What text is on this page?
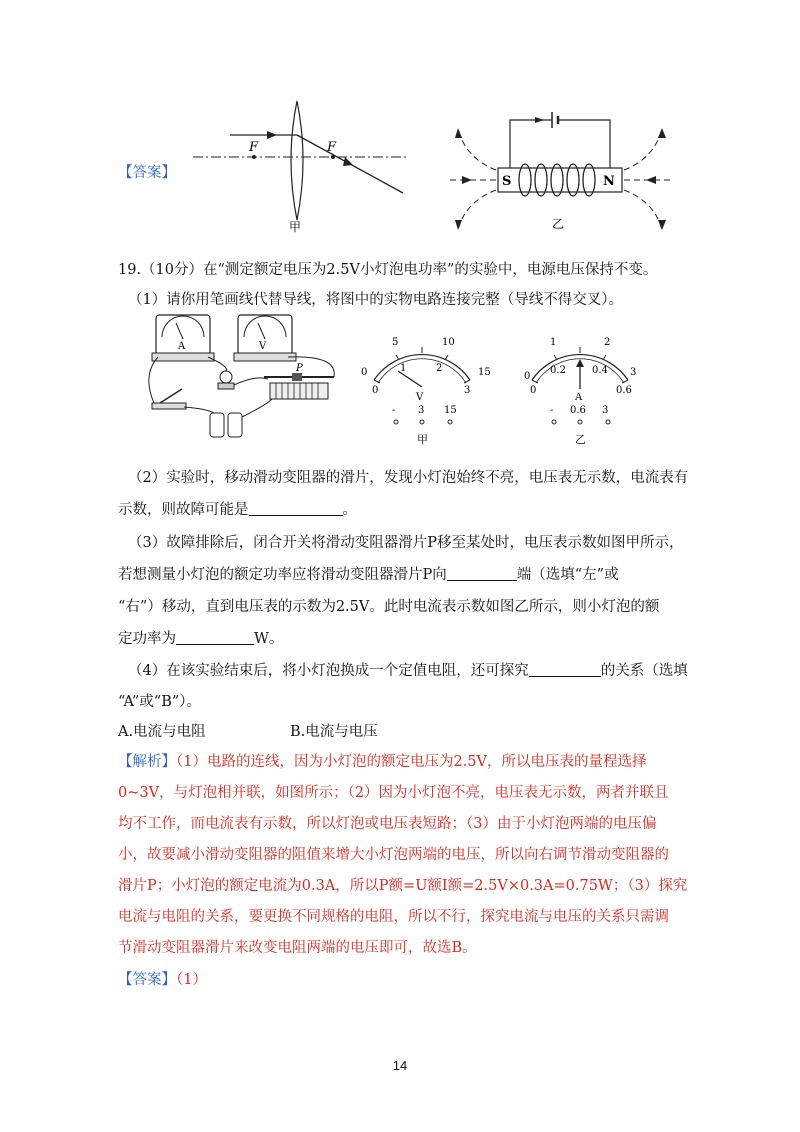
【答案】
F	F
甲
S	N
乙
19.（10分）在“测定额定电压为2.5V小灯泡电功率”的实验中，电源电压保持不变。
（1）请你用笔画线代替导线，将图中的实物电路连接完整（导线不得交叉）。
A	V
P	0
5	10
15
0
1	2
3
V
- 3 15
甲
0
1	2
3
0
0.2	0.4
0.6
A
- 0.6 3
乙
（2）实验时，移动滑动变阻器的滑片，发现小灯泡始终不亮，电压表无示数，电流表有
示数，则故障可能是	。
（3）故障排除后，闭合开关将滑动变阻器滑片P移至某处时，电压表示数如图甲所示，
若想测量小灯泡的额定功率应将滑动变阻器滑片P向	端（选填“左”或
“右”）移动，直到电压表的示数为2.5V。此时电流表示数如图乙所示，则小灯泡的额
定功率为	W。
（4）在该实验结束后，将小灯泡换成一个定值电阻，还可探究	的关系（选填
“A”或“B”）。
A.电流与电阻	B.电流与电压
【解析】（1）电路的连线，因为小灯泡的额定电压为2.5V，所以电压表的量程选择
0~3V，与灯泡相并联，如图所示；（2）因为小灯泡不亮，电压表无示数，两者并联且
均不工作，而电流表有示数，所以灯泡或电压表短路；（3）由于小灯泡两端的电压偏
小，故要减小滑动变阻器的阻值来增大小灯泡两端的电压，所以向右调节滑动变阻器的
滑片P；小灯泡的额定电流为0.3A，所以P额=U额I额=2.5V×0.3A=0.75W；（3）探究
电流与电阻的关系，要更换不同规格的电阻，所以不行，探究电流与电压的关系只需调
节滑动变阻器滑片来改变电阻两端的电压即可，故选B。
【答案】（1）
14
